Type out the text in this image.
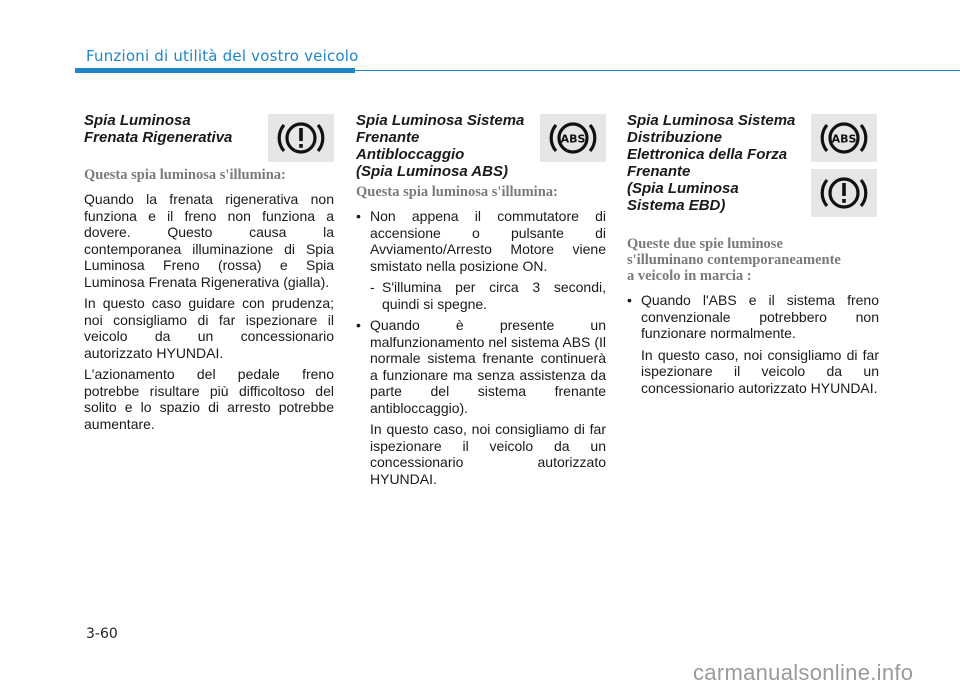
Funzioni di utilità del vostro veicolo
Spia Luminosa
Frenata Rigenerativa
Questa spia luminosa s'illumina:

Quando la frenata rigenerativa non funziona e il freno non funziona a dovere. Questo causa la contemporanea illuminazione di Spia Luminosa Freno (rossa) e Spia Luminosa Frenata Rigenerativa (gialla).

In questo caso guidare con prudenza; noi consigliamo di far ispezionare il veicolo da un concessionario autorizzato HYUNDAI.

L'azionamento del pedale freno potrebbe risultare più difficoltoso del solito e lo spazio di arresto potrebbe aumentare.

Spia Luminosa Sistema
Frenante
Antibloccaggio
(Spia Luminosa ABS)
ABS
Questa spia luminosa s'illumina:
• Non appena il commutatore di accensione o pulsante di Avviamento/Arresto Motore viene smistato nella posizione ON.
- S'illumina per circa 3 secondi, quindi si spegne.
• Quando è presente un malfunzionamento nel sistema ABS (Il normale sistema frenante continuerà a funzionare ma senza assistenza da parte del sistema frenante antibloccaggio).
In questo caso, noi consigliamo di far ispezionare il veicolo da un concessionario autorizzato HYUNDAI.
Spia Luminosa Sistema
Distribuzione
Elettronica della Forza
Frenante
(Spia Luminosa
Sistema EBD)
ABS
Queste due spie luminose
s'illuminano contemporaneamente
a veicolo in marcia :
• Quando l'ABS e il sistema freno convenzionale potrebbero non funzionare normalmente.
In questo caso, noi consigliamo di far ispezionare il veicolo da un concessionario autorizzato HYUNDAI.
3-60
carmanualsonline.info
